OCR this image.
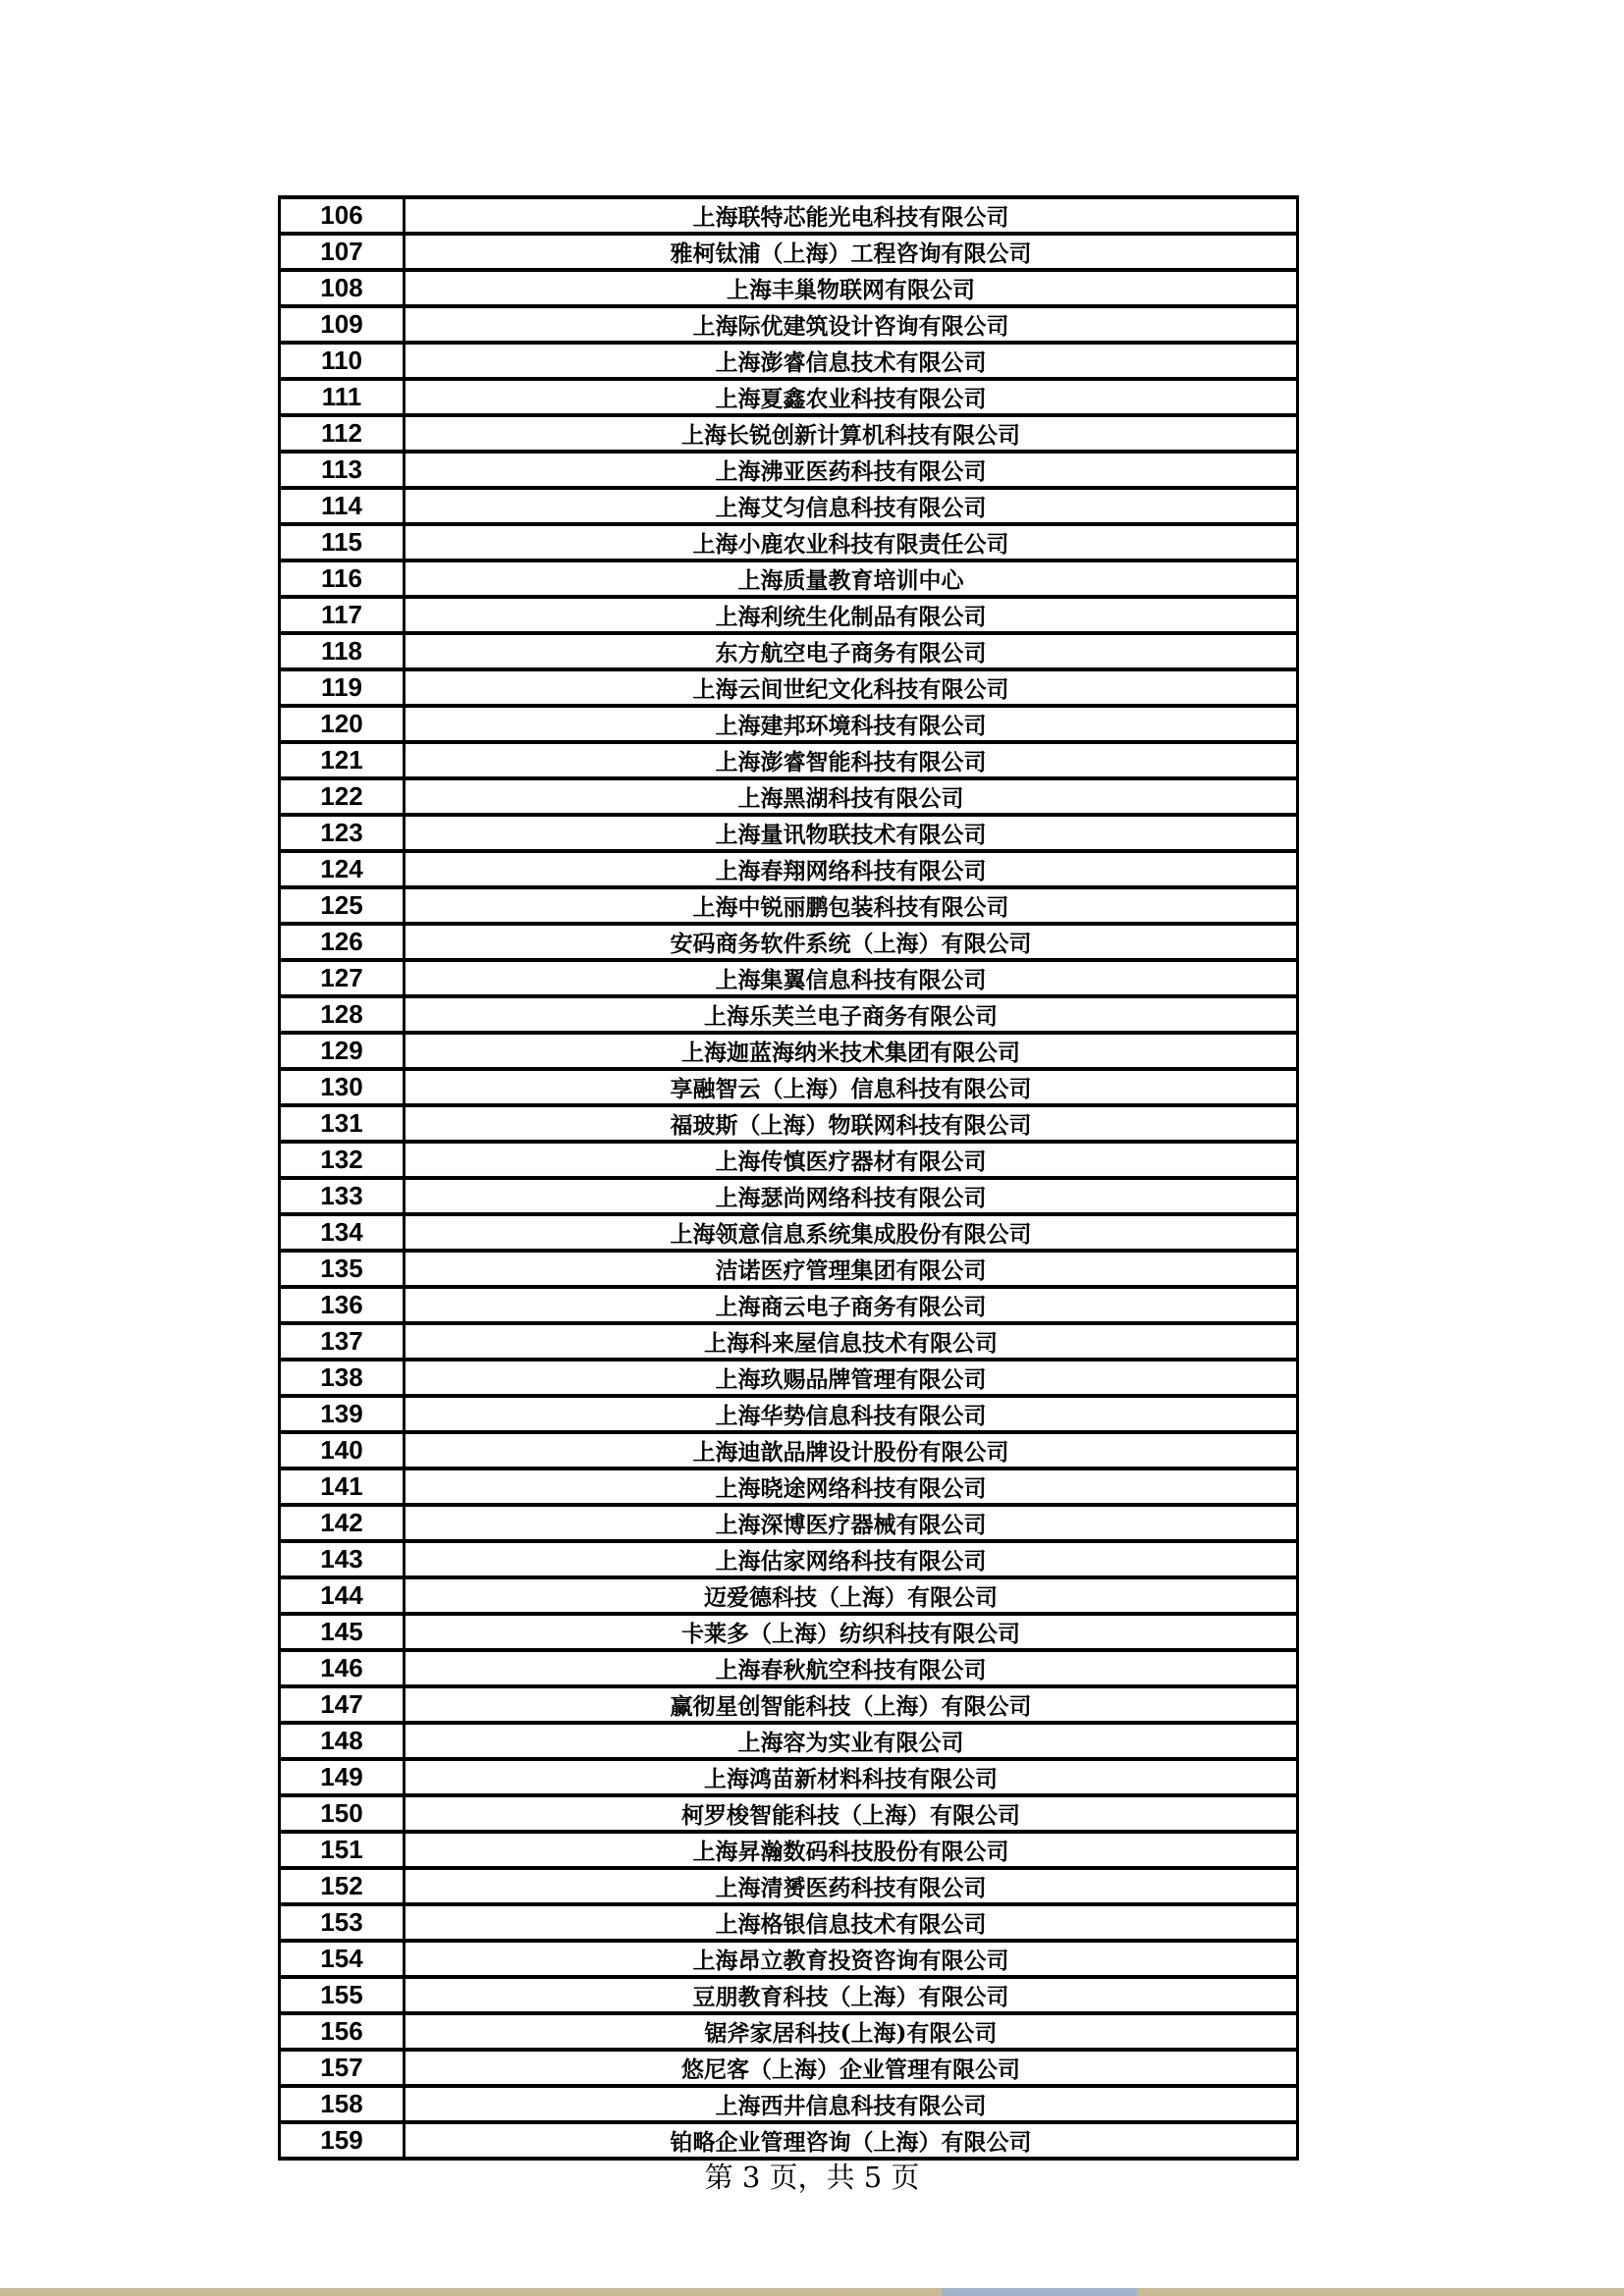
106	上海联特芯能光电科技有限公司
107	雅柯钛浦（上海）工程咨询有限公司
108	上海丰巢物联网有限公司
109	上海际优建筑设计咨询有限公司
110	上海澎睿信息技术有限公司
111	上海夏鑫农业科技有限公司
112	上海长锐创新计算机科技有限公司
113	上海沸亚医药科技有限公司
114	上海艾匀信息科技有限公司
115	上海小鹿农业科技有限责任公司
116	上海质量教育培训中心
117	上海利统生化制品有限公司
118	东方航空电子商务有限公司
119	上海云间世纪文化科技有限公司
120	上海建邦环境科技有限公司
121	上海澎睿智能科技有限公司
122	上海黑湖科技有限公司
123	上海量讯物联技术有限公司
124	上海春翔网络科技有限公司
125	上海中锐丽鹏包装科技有限公司
126	安码商务软件系统（上海）有限公司
127	上海集翼信息科技有限公司
128	上海乐芙兰电子商务有限公司
129	上海迦蓝海纳米技术集团有限公司
130	享融智云（上海）信息科技有限公司
131	福玻斯（上海）物联网科技有限公司
132	上海传慎医疗器材有限公司
133	上海瑟尚网络科技有限公司
134	上海领意信息系统集成股份有限公司
135	洁诺医疗管理集团有限公司
136	上海商云电子商务有限公司
137	上海科来屋信息技术有限公司
138	上海玖赐品牌管理有限公司
139	上海华势信息科技有限公司
140	上海迪歆品牌设计股份有限公司
141	上海晓途网络科技有限公司
142	上海深博医疗器械有限公司
143	上海估家网络科技有限公司
144	迈爱德科技（上海）有限公司
145	卡莱多（上海）纺织科技有限公司
146	上海春秋航空科技有限公司
147	赢彻星创智能科技（上海）有限公司
148	上海容为实业有限公司
149	上海鸿苗新材料科技有限公司
150	柯罗梭智能科技（上海）有限公司
151	上海昇瀚数码科技股份有限公司
152	上海清赟医药科技有限公司
153	上海格银信息技术有限公司
154	上海昂立教育投资咨询有限公司
155	豆朋教育科技（上海）有限公司
156	锯斧家居科技(上海)有限公司
157	悠尼客（上海）企业管理有限公司
158	上海西井信息科技有限公司
159	铂略企业管理咨询（上海）有限公司
第 3 页，共 5 页
